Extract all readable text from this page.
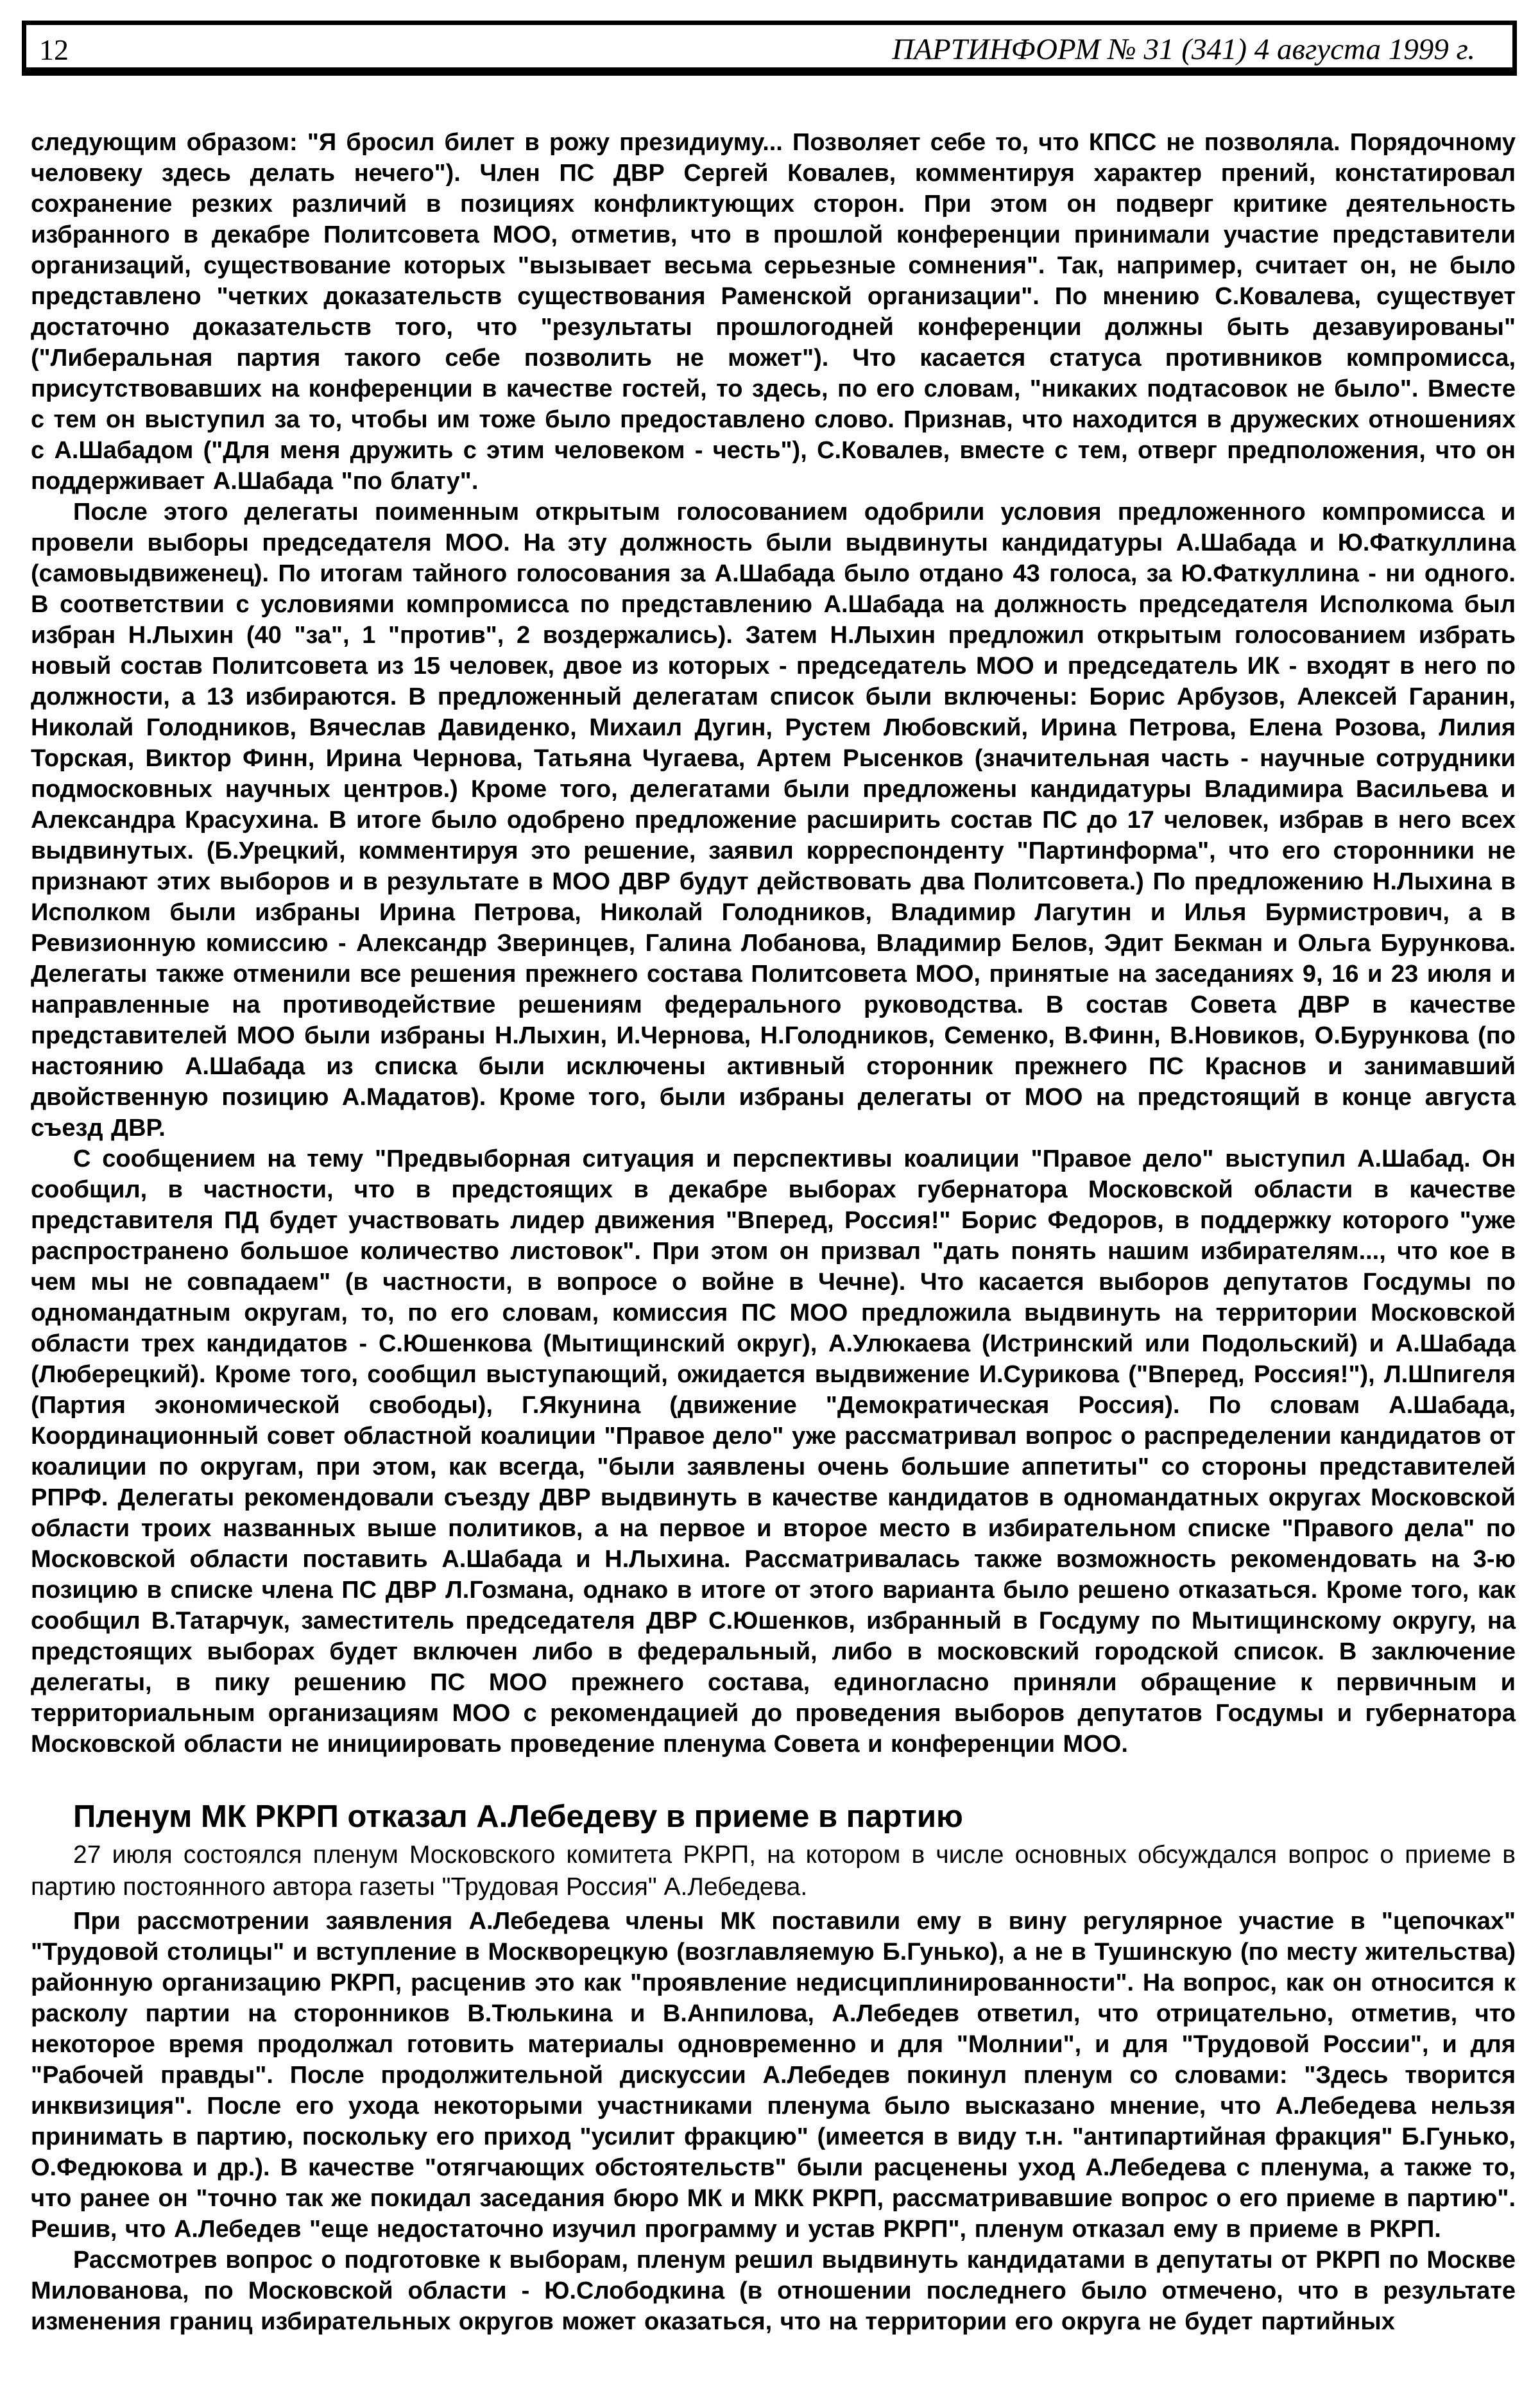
12	ПАРТИНФОРМ № 31 (341) 4 августа 1999 г.

следующим образом: "Я бросил билет в рожу президиуму... Позволяет себе то, что КПСС не позволяла. Порядочному человеку здесь делать нечего"). Член ПС ДВР Сергей Ковалев, комментируя характер прений, констатировал сохранение резких различий в позициях конфликтующих сторон. При этом он подверг критике деятельность избранного в декабре Политсовета МОО, отметив, что в прошлой конференции принимали участие представители организаций, существование которых "вызывает весьма серьезные сомнения". Так, например, считает он, не было представлено "четких доказательств существования Раменской организации". По мнению С.Ковалева, существует достаточно доказательств того, что "результаты прошлогодней конференции должны быть дезавуированы" ("Либеральная партия такого себе позволить не может"). Что касается статуса противников компромисса, присутствовавших на конференции в качестве гостей, то здесь, по его словам, "никаких подтасовок не было". Вместе с тем он выступил за то, чтобы им тоже было предоставлено слово. Признав, что находится в дружеских отношениях с А.Шабадом ("Для меня дружить с этим человеком - честь"), С.Ковалев, вместе с тем, отверг предположения, что он поддерживает А.Шабада "по блату".

После этого делегаты поименным открытым голосованием одобрили условия предложенного компромисса и провели выборы председателя МОО. На эту должность были выдвинуты кандидатуры А.Шабада и Ю.Фаткуллина (самовыдвиженец). По итогам тайного голосования за А.Шабада было отдано 43 голоса, за Ю.Фаткуллина - ни одного. В соответствии с условиями компромисса по представлению А.Шабада на должность председателя Исполкома был избран Н.Лыхин (40 "за", 1 "против", 2 воздержались). Затем Н.Лыхин предложил открытым голосованием избрать новый состав Политсовета из 15 человек, двое из которых - председатель МОО и председатель ИК - входят в него по должности, а 13 избираются. В предложенный делегатам список были включены: Борис Арбузов, Алексей Гаранин, Николай Голодников, Вячеслав Давиденко, Михаил Дугин, Рустем Любовский, Ирина Петрова, Елена Розова, Лилия Торская, Виктор Финн, Ирина Чернова, Татьяна Чугаева, Артем Рысенков (значительная часть - научные сотрудники подмосковных научных центров.) Кроме того, делегатами были предложены кандидатуры Владимира Васильева и Александра Красухина. В итоге было одобрено предложение расширить состав ПС до 17 человек, избрав в него всех выдвинутых. (Б.Урецкий, комментируя это решение, заявил корреспонденту "Партинформа", что его сторонники не признают этих выборов и в результате в МОО ДВР будут действовать два Политсовета.) По предложению Н.Лыхина в Исполком были избраны Ирина Петрова, Николай Голодников, Владимир Лагутин и Илья Бурмистрович, а в Ревизионную комиссию - Александр Зверинцев, Галина Лобанова, Владимир Белов, Эдит Бекман и Ольга Бурункова. Делегаты также отменили все решения прежнего состава Политсовета МОО, принятые на заседаниях 9, 16 и 23 июля и направленные на противодействие решениям федерального руководства. В состав Совета ДВР в качестве представителей МОО были избраны Н.Лыхин, И.Чернова, Н.Голодников, Семенко, В.Финн, В.Новиков, О.Бурункова (по настоянию А.Шабада из списка были исключены активный сторонник прежнего ПС Краснов и занимавший двойственную позицию А.Мадатов). Кроме того, были избраны делегаты от МОО на предстоящий в конце августа съезд ДВР.

С сообщением на тему "Предвыборная ситуация и перспективы коалиции "Правое дело" выступил А.Шабад. Он сообщил, в частности, что в предстоящих в декабре выборах губернатора Московской области в качестве представителя ПД будет участвовать лидер движения "Вперед, Россия!" Борис Федоров, в поддержку которого "уже распространено большое количество листовок". При этом он призвал "дать понять нашим избирателям..., что кое в чем мы не совпадаем" (в частности, в вопросе о войне в Чечне). Что касается выборов депутатов Госдумы по одномандатным округам, то, по его словам, комиссия ПС МОО предложила выдвинуть на территории Московской области трех кандидатов - С.Юшенкова (Мытищинский округ), А.Улюкаева (Истринский или Подольский) и А.Шабада (Люберецкий). Кроме того, сообщил выступающий, ожидается выдвижение И.Сурикова ("Вперед, Россия!"), Л.Шпигеля (Партия экономической свободы), Г.Якунина (движение "Демократическая Россия). По словам А.Шабада, Координационный совет областной коалиции "Правое дело" уже рассматривал вопрос о распределении кандидатов от коалиции по округам, при этом, как всегда, "были заявлены очень большие аппетиты" со стороны представителей РПРФ. Делегаты рекомендовали съезду ДВР выдвинуть в качестве кандидатов в одномандатных округах Московской области троих названных выше политиков, а на первое и второе место в избирательном списке "Правого дела" по Московской области поставить А.Шабада и Н.Лыхина. Рассматривалась также возможность рекомендовать на 3-ю позицию в списке члена ПС ДВР Л.Гозмана, однако в итоге от этого варианта было решено отказаться. Кроме того, как сообщил В.Татарчук, заместитель председателя ДВР С.Юшенков, избранный в Госдуму по Мытищинскому округу, на предстоящих выборах будет включен либо в федеральный, либо в московский городской список. В заключение делегаты, в пику решению ПС МОО прежнего состава, единогласно приняли обращение к первичным и территориальным организациям МОО с рекомендацией до проведения выборов депутатов Госдумы и губернатора Московской области не инициировать проведение пленума Совета и конференции МОО.

Пленум МК РКРП отказал А.Лебедеву в приеме в партию

27 июля состоялся пленум Московского комитета РКРП, на котором в числе основных обсуждался вопрос о приеме в партию постоянного автора газеты "Трудовая Россия" А.Лебедева.

При рассмотрении заявления А.Лебедева члены МК поставили ему в вину регулярное участие в "цепочках" "Трудовой столицы" и вступление в Москворецкую (возглавляемую Б.Гунько), а не в Тушинскую (по месту жительства) районную организацию РКРП, расценив это как "проявление недисциплинированности". На вопрос, как он относится к расколу партии на сторонников В.Тюлькина и В.Анпилова, А.Лебедев ответил, что отрицательно, отметив, что некоторое время продолжал готовить материалы одновременно и для "Молнии", и для "Трудовой России", и для "Рабочей правды". После продолжительной дискуссии А.Лебедев покинул пленум со словами: "Здесь творится инквизиция". После его ухода некоторыми участниками пленума было высказано мнение, что А.Лебедева нельзя принимать в партию, поскольку его приход "усилит фракцию" (имеется в виду т.н. "антипартийная фракция" Б.Гунько, О.Федюкова и др.). В качестве "отягчающих обстоятельств" были расценены уход А.Лебедева с пленума, а также то, что ранее он "точно так же покидал заседания бюро МК и МКК РКРП, рассматривавшие вопрос о его приеме в партию". Решив, что А.Лебедев "еще недостаточно изучил программу и устав РКРП", пленум отказал ему в приеме в РКРП.

Рассмотрев вопрос о подготовке к выборам, пленум решил выдвинуть кандидатами в депутаты от РКРП по Москве Милованова, по Московской области - Ю.Слободкина (в отношении последнего было отмечено, что в результате изменения границ избирательных округов может оказаться, что на территории его округа не будет партийных
